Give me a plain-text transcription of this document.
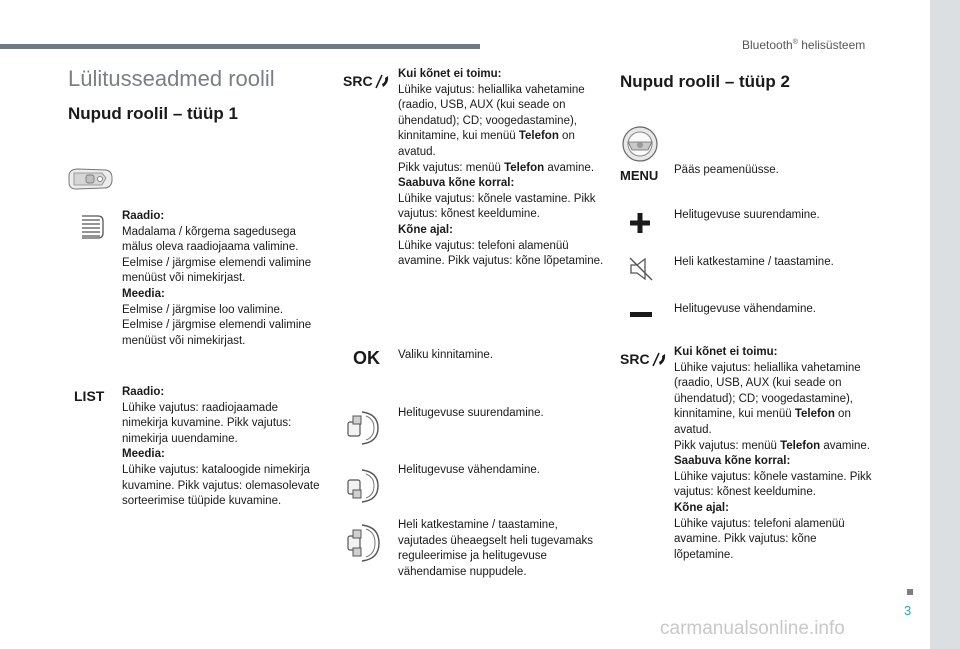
Bluetooth® helisüsteem
3
carmanualsonline.info
Lülitusseadmed roolil
Nupud roolil – tüüp 1

Raadio:

Madalama / kõrgema sagedusega mälus oleva raadiojaama valimine. Eelmise / järgmise elemendi valimine menüüst või nimekirjast.

Meedia:

Eelmise / järgmise loo valimine. Eelmise / järgmise elemendi valimine menüüst või nimekirjast.

LIST Raadio:

Lühike vajutus: raadiojaamade nimekirja kuvamine. Pikk vajutus: nimekirja uuendamine.

Meedia:

Lühike vajutus: kataloogide nimekirja kuvamine. Pikk vajutus: olemasolevate sorteerimise tüüpide kuvamine.

SRC Kui kõnet ei toimu:

Lühike vajutus: heliallika vahetamine (raadio, USB, AUX (kui seade on ühendatud); CD; voogedastamine), kinnitamine, kui menüü Telefon on avatud.

Pikk vajutus: menüü Telefon avamine.

Saabuva kõne korral:

Lühike vajutus: kõnele vastamine. Pikk vajutus: kõnest keeldumine.

Kõne ajal:

Lühike vajutus: telefoni alamenüü avamine. Pikk vajutus: kõne lõpetamine.

OK Valiku kinnitamine.

Helitugevuse suurendamine.

Helitugevuse vähendamine.

Heli katkestamine / taastamine, vajutades üheaegselt heli tugevamaks reguleerimise ja helitugevuse vähendamise nuppudele.

Nupud roolil – tüüp 2
MENU Pääs peamenüüsse.

Helitugevuse suurendamine.

Heli katkestamine / taastamine.

Helitugevuse vähendamine.

SRC Kui kõnet ei toimu:

Lühike vajutus: heliallika vahetamine (raadio, USB, AUX (kui seade on ühendatud); CD; voogedastamine), kinnitamine, kui menüü Telefon on avatud.

Pikk vajutus: menüü Telefon avamine.

Saabuva kõne korral:

Lühike vajutus: kõnele vastamine. Pikk vajutus: kõnest keeldumine.

Kõne ajal:

Lühike vajutus: telefoni alamenüü avamine. Pikk vajutus: kõne lõpetamine.
